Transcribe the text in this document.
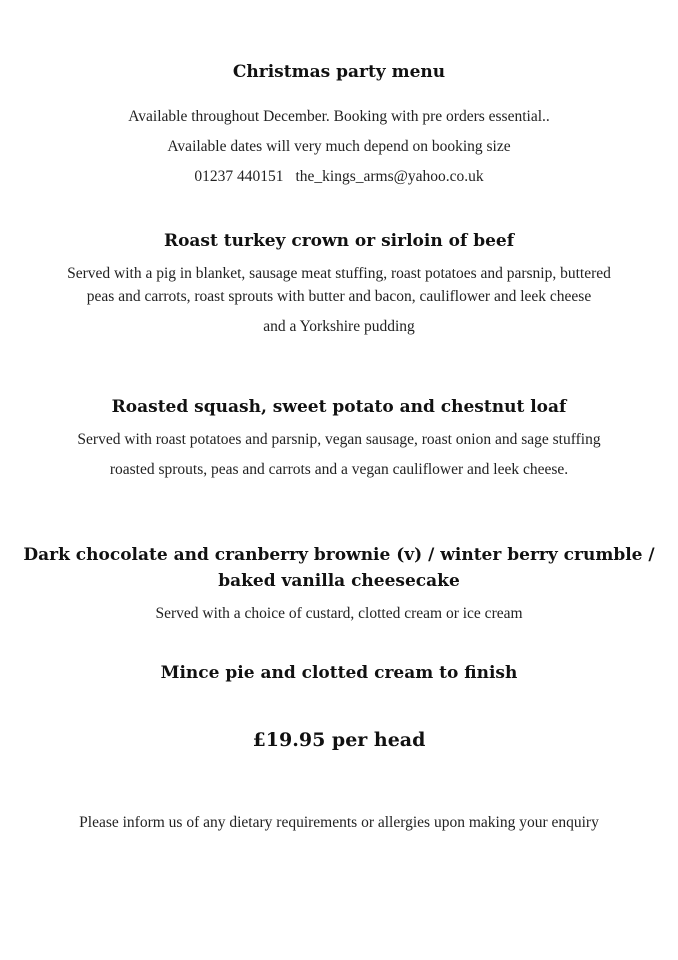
Christmas party menu
Available throughout December. Booking with pre orders essential..
Available dates will very much depend on booking size
01237 440151 the_kings_arms@yahoo.co.uk
Roast turkey crown or sirloin of beef
Served with a pig in blanket, sausage meat stuffing, roast potatoes and parsnip, buttered
peas and carrots, roast sprouts with butter and bacon, cauliflower and leek cheese
and a Yorkshire pudding
Roasted squash, sweet potato and chestnut loaf
Served with roast potatoes and parsnip, vegan sausage, roast onion and sage stuffing
roasted sprouts, peas and carrots and a vegan cauliflower and leek cheese.
Dark chocolate and cranberry brownie (v) / winter berry crumble /
baked vanilla cheesecake
Served with a choice of custard, clotted cream or ice cream
Mince pie and clotted cream to finish
£19.95 per head
Please inform us of any dietary requirements or allergies upon making your enquiry
